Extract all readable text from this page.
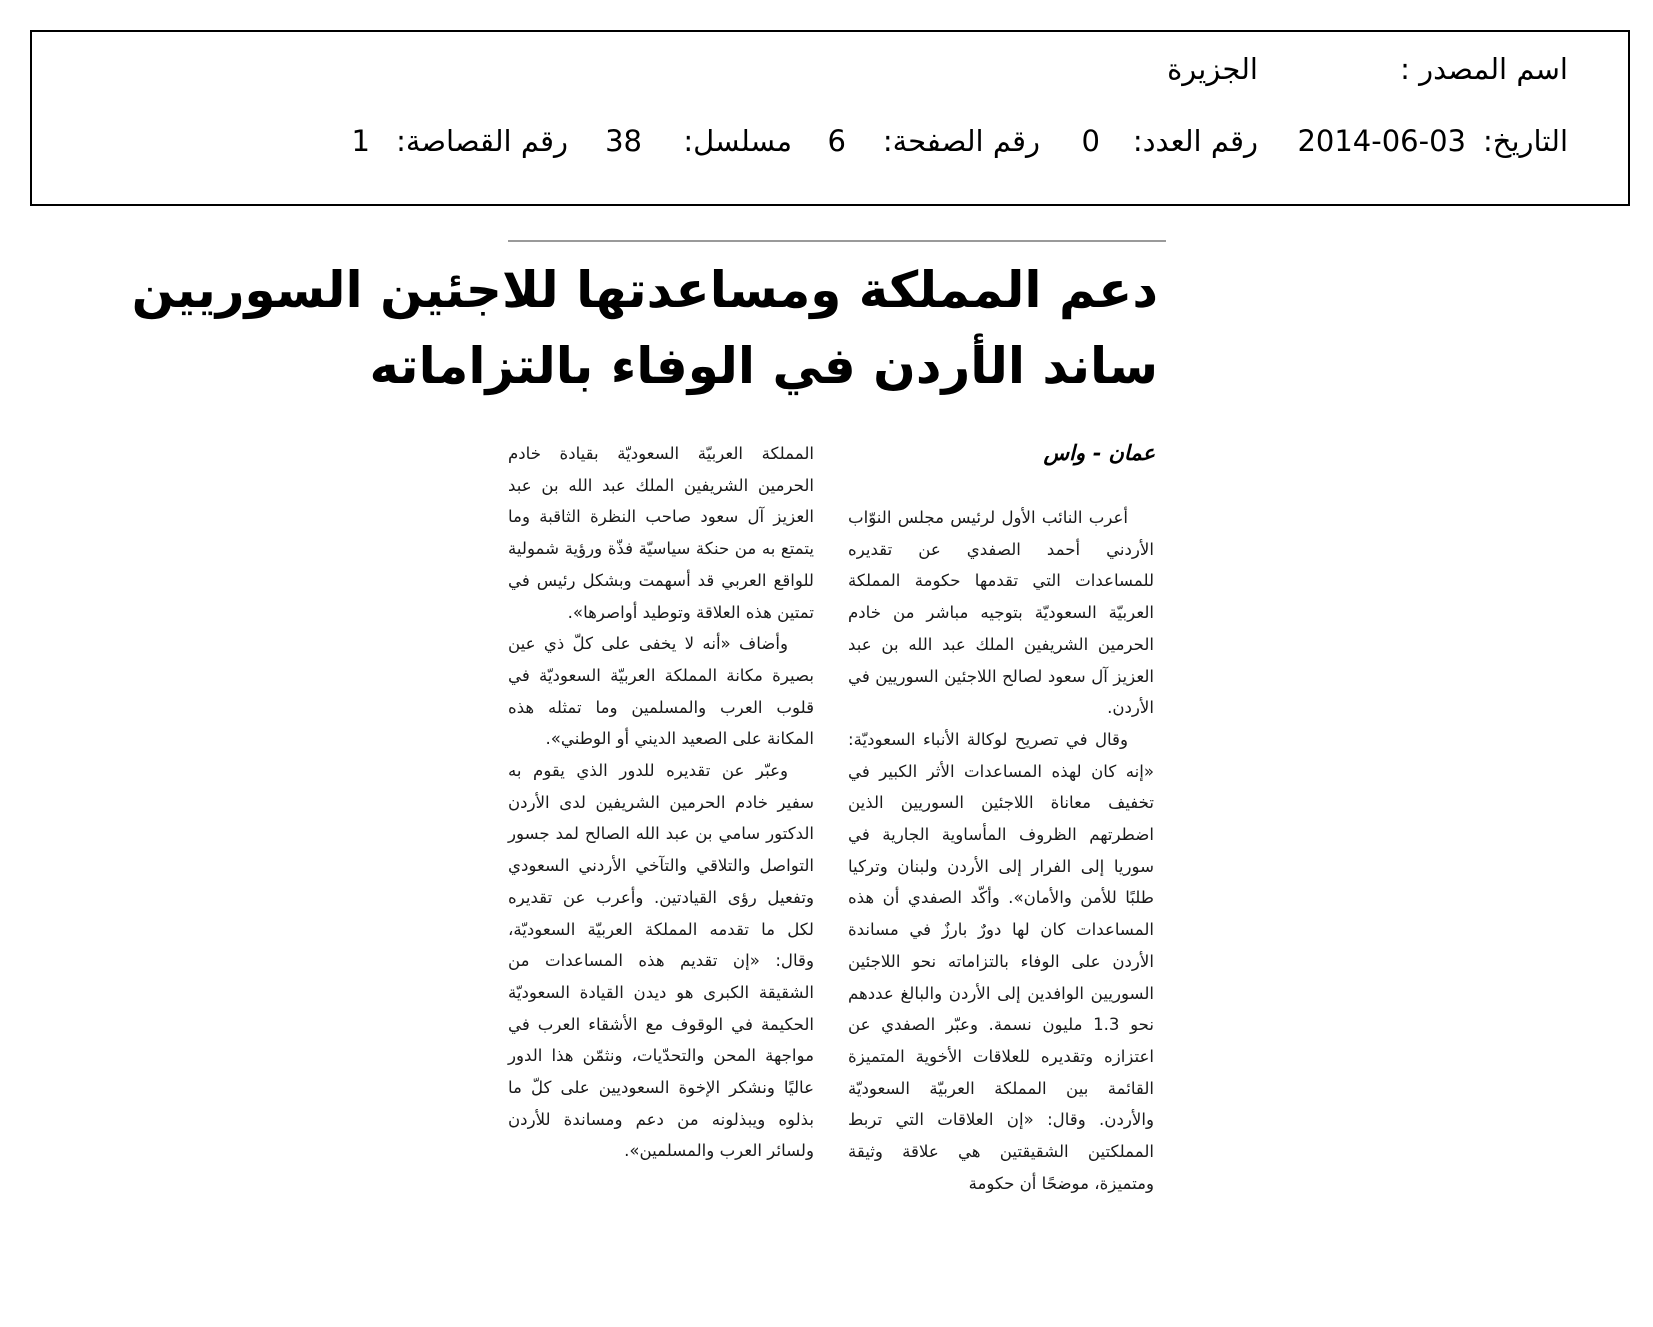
اسم المصدر :
الجزيرة
التاريخ:
2014-06-03
رقم العدد:
0
رقم الصفحة:
6
مسلسل:
38
رقم القصاصة:
1
دعم المملكة ومساعدتها للاجئين السوريين
ساند الأردن في الوفاء بالتزاماته
عمان - واس

أعرب النائب الأول لرئيس مجلس النوّاب الأردني أحمد الصفدي عن تقديره للمساعدات التي تقدمها حكومة المملكة العربيّة السعوديّة بتوجيه مباشر من خادم الحرمين الشريفين الملك عبد الله بن عبد العزيز آل سعود لصالح اللاجئين السوريين في الأردن.

وقال في تصريح لوكالة الأنباء السعوديّة: «إنه كان لهذه المساعدات الأثر الكبير في تخفيف معاناة اللاجئين السوريين الذين اضطرتهم الظروف المأساوية الجارية في سوريا إلى الفرار إلى الأردن ولبنان وتركيا طلبًا للأمن والأمان». وأكّد الصفدي أن هذه المساعدات كان لها دورٌ بارزٌ في مساندة الأردن على الوفاء بالتزاماته نحو اللاجئين السوريين الوافدين إلى الأردن والبالغ عددهم نحو 1.3 مليون نسمة. وعبّر الصفدي عن اعتزازه وتقديره للعلاقات الأخوية المتميزة القائمة بين المملكة العربيّة السعوديّة والأردن. وقال: «إن العلاقات التي تربط المملكتين الشقيقتين هي علاقة وثيقة ومتميزة، موضحًا أن حكومة

المملكة العربيّة السعوديّة بقيادة خادم الحرمين الشريفين الملك عبد الله بن عبد العزيز آل سعود صاحب النظرة الثاقبة وما يتمتع به من حنكة سياسيّة فذّة ورؤية شمولية للواقع العربي قد أسهمت وبشكل رئيس في تمتين هذه العلاقة وتوطيد أواصرها».

وأضاف «أنه لا يخفى على كلّ ذي عين بصيرة مكانة المملكة العربيّة السعوديّة في قلوب العرب والمسلمين وما تمثله هذه المكانة على الصعيد الديني أو الوطني».

وعبّر عن تقديره للدور الذي يقوم به سفير خادم الحرمين الشريفين لدى الأردن الدكتور سامي بن عبد الله الصالح لمد جسور التواصل والتلاقي والتآخي الأردني السعودي وتفعيل رؤى القيادتين. وأعرب عن تقديره لكل ما تقدمه المملكة العربيّة السعوديّة، وقال: «إن تقديم هذه المساعدات من الشقيقة الكبرى هو ديدن القيادة السعوديّة الحكيمة في الوقوف مع الأشقاء العرب في مواجهة المحن والتحدّيات، ونثمّن هذا الدور عاليًا ونشكر الإخوة السعوديين على كلّ ما بذلوه ويبذلونه من دعم ومساندة للأردن ولسائر العرب والمسلمين».
